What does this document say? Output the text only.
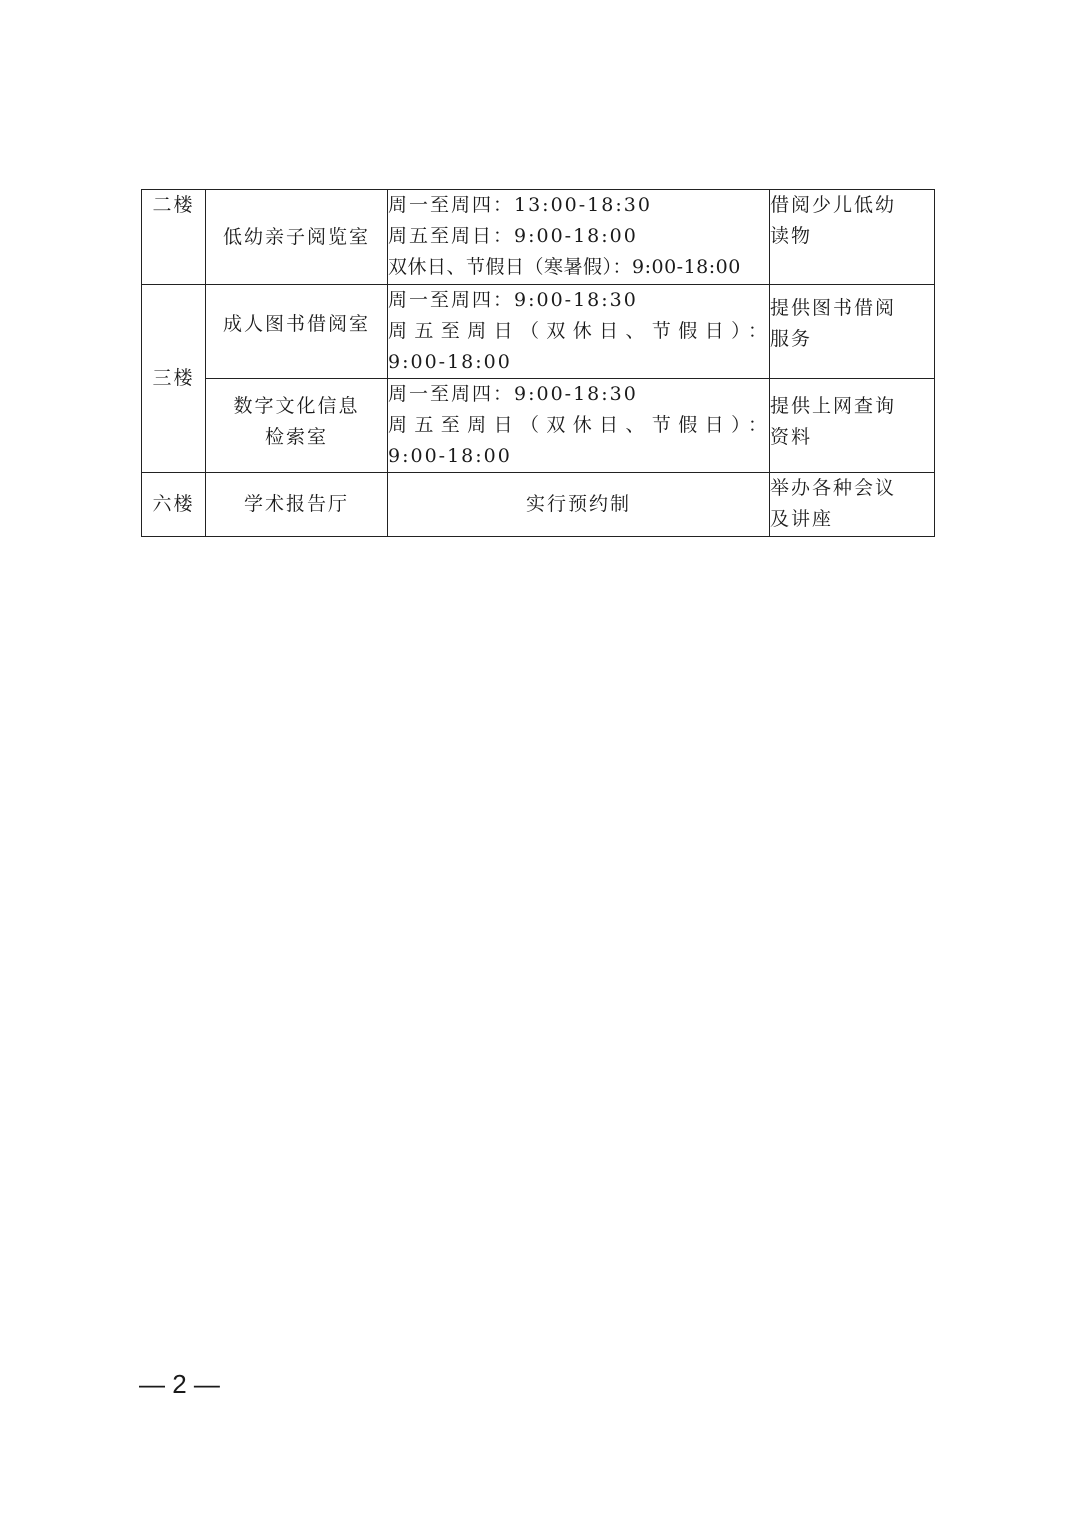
二楼	低幼亲子阅览室	周一至周四：13:00-18:30
周五至周日：9:00-18:00
双休日、节假日（寒暑假）：9:00-18:00	借阅少儿低幼
读物

三楼	成人图书借阅室	周一至周四：9:00-18:30
周五至周日（双休日、节假日）：
9:00-18:00	提供图书借阅
服务

	数字文化信息
检索室	周一至周四：9:00-18:30
周五至周日（双休日、节假日）：
9:00-18:00	提供上网查询
资料

六楼	学术报告厅	实行预约制	举办各种会议
及讲座
— 2 —
